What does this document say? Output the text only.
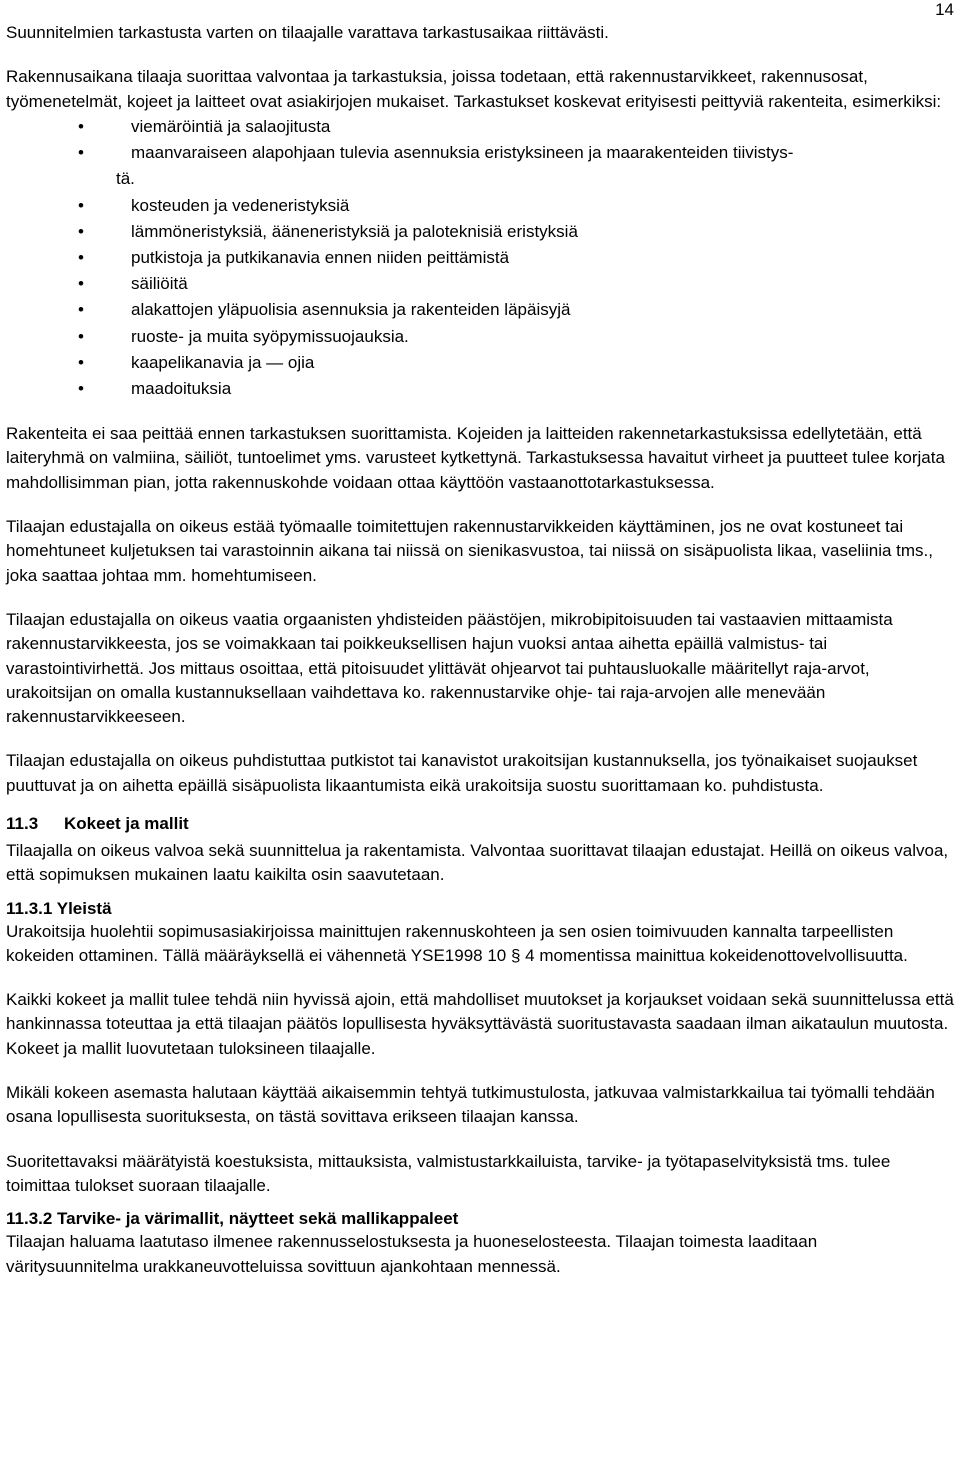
14

Suunnitelmien tarkastusta varten on tilaajalle varattava tarkastusaikaa riittävästi.

Rakennusaikana tilaaja suorittaa valvontaa ja tarkastuksia, joissa todetaan, että rakennustarvikkeet, rakennusosat, työmenetelmät, kojeet ja laitteet ovat asiakirjojen mukaiset. Tarkastukset koskevat erityisesti peittyviä rakenteita, esimerkiksi:

•	viemäröintiä ja salaojitusta
•	maanvaraiseen alapohjaan tulevia asennuksia eristyksineen ja maarakenteiden tiivistys-
tä.
•	kosteuden ja vedeneristyksiä
•	lämmöneristyksiä, ääneneristyksiä ja paloteknisiä eristyksiä
•	putkistoja ja putkikanavia ennen niiden peittämistä
•	säiliöitä
•	alakattojen yläpuolisia asennuksia ja rakenteiden läpäisyjä
•	ruoste- ja muita syöpymissuojauksia.
•	kaapelikanavia ja — ojia
•	maadoituksia

Rakenteita ei saa peittää ennen tarkastuksen suorittamista. Kojeiden ja laitteiden rakennetarkastuksissa edellytetään, että laiteryhmä on valmiina, säiliöt, tuntoelimet yms. varusteet kytkettynä. Tarkastuksessa havaitut virheet ja puutteet tulee korjata mahdollisimman pian, jotta rakennuskohde voidaan ottaa käyttöön vastaanottotarkastuksessa.

Tilaajan edustajalla on oikeus estää työmaalle toimitettujen rakennustarvikkeiden käyttäminen, jos ne ovat kostuneet tai homehtuneet kuljetuksen tai varastoinnin aikana tai niissä on sienikasvustoa, tai niissä on sisäpuolista likaa, vaseliinia tms., joka saattaa johtaa mm. homehtumiseen.

Tilaajan edustajalla on oikeus vaatia orgaanisten yhdisteiden päästöjen, mikrobipitoisuuden tai vastaavien mittaamista rakennustarvikkeesta, jos se voimakkaan tai poikkeuksellisen hajun vuoksi antaa aihetta epäillä valmistus- tai varastointivirhettä. Jos mittaus osoittaa, että pitoisuudet ylittävät ohjearvot tai puhtausluokalle määritellyt raja-arvot, urakoitsijan on omalla kustannuksellaan vaihdettava ko. rakennustarvike ohje- tai raja-arvojen alle menevään rakennustarvikkeeseen.

Tilaajan edustajalla on oikeus puhdistuttaa putkistot tai kanavistot urakoitsijan kustannuksella, jos työnaikaiset suojaukset puuttuvat ja on aihetta epäillä sisäpuolista likaantumista eikä urakoitsija suostu suorittamaan ko. puhdistusta.

11.3 Kokeet ja mallit

Tilaajalla on oikeus valvoa sekä suunnittelua ja rakentamista. Valvontaa suorittavat tilaajan edustajat. Heillä on oikeus valvoa, että sopimuksen mukainen laatu kaikilta osin saavutetaan.

11.3.1 Yleistä

Urakoitsija huolehtii sopimusasiakirjoissa mainittujen rakennuskohteen ja sen osien toimivuuden kannalta tarpeellisten kokeiden ottaminen. Tällä määräyksellä ei vähennetä YSE1998 10 § 4 momentissa mainittua kokeidenottovelvollisuutta.

Kaikki kokeet ja mallit tulee tehdä niin hyvissä ajoin, että mahdolliset muutokset ja korjaukset voidaan sekä suunnittelussa että hankinnassa toteuttaa ja että tilaajan päätös lopullisesta hyväksyttävästä suoritustavasta saadaan ilman aikataulun muutosta. Kokeet ja mallit luovutetaan tuloksineen tilaajalle.

Mikäli kokeen asemasta halutaan käyttää aikaisemmin tehtyä tutkimustulosta, jatkuvaa valmistarkkailua tai työmalli tehdään osana lopullisesta suorituksesta, on tästä sovittava erikseen tilaajan kanssa.

Suoritettavaksi määrätyistä koestuksista, mittauksista, valmistustarkkailuista, tarvike- ja työtapaselvityksistä tms. tulee toimittaa tulokset suoraan tilaajalle.

11.3.2 Tarvike- ja värimallit, näytteet sekä mallikappaleet

Tilaajan haluama laatutaso ilmenee rakennusselostuksesta ja huoneselosteesta. Tilaajan toimesta laaditaan väritysuunnitelma urakkaneuvotteluissa sovittuun ajankohtaan mennessä.
